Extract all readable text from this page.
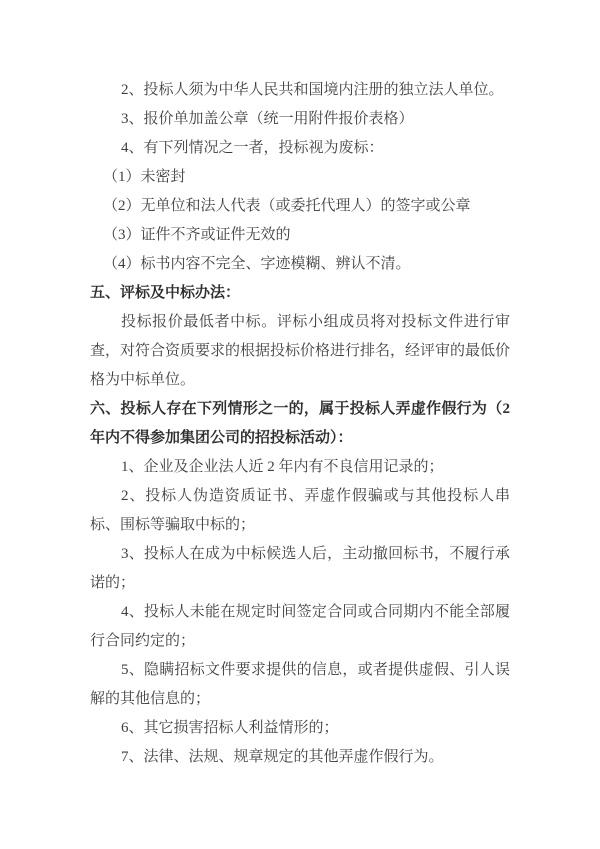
2、投标人须为中华人民共和国境内注册的独立法人单位。

3、报价单加盖公章（统一用附件报价表格）

4、有下列情况之一者，投标视为废标：

（1）未密封

（2）无单位和法人代表（或委托代理人）的签字或公章

（3）证件不齐或证件无效的

（4）标书内容不完全、字迹模糊、辨认不清。

五、评标及中标办法：

投标报价最低者中标。评标小组成员将对投标文件进行审查，对符合资质要求的根据投标价格进行排名，经评审的最低价格为中标单位。

六、投标人存在下列情形之一的，属于投标人弄虚作假行为（2年内不得参加集团公司的招投标活动）：

1、企业及企业法人近 2 年内有不良信用记录的；

2、投标人伪造资质证书、弄虚作假骗或与其他投标人串标、围标等骗取中标的；

3、投标人在成为中标候选人后，主动撤回标书，不履行承诺的；

4、投标人未能在规定时间签定合同或合同期内不能全部履行合同约定的；

5、隐瞒招标文件要求提供的信息，或者提供虚假、引人误解的其他信息的；

6、其它损害招标人利益情形的；

7、法律、法规、规章规定的其他弄虚作假行为。
